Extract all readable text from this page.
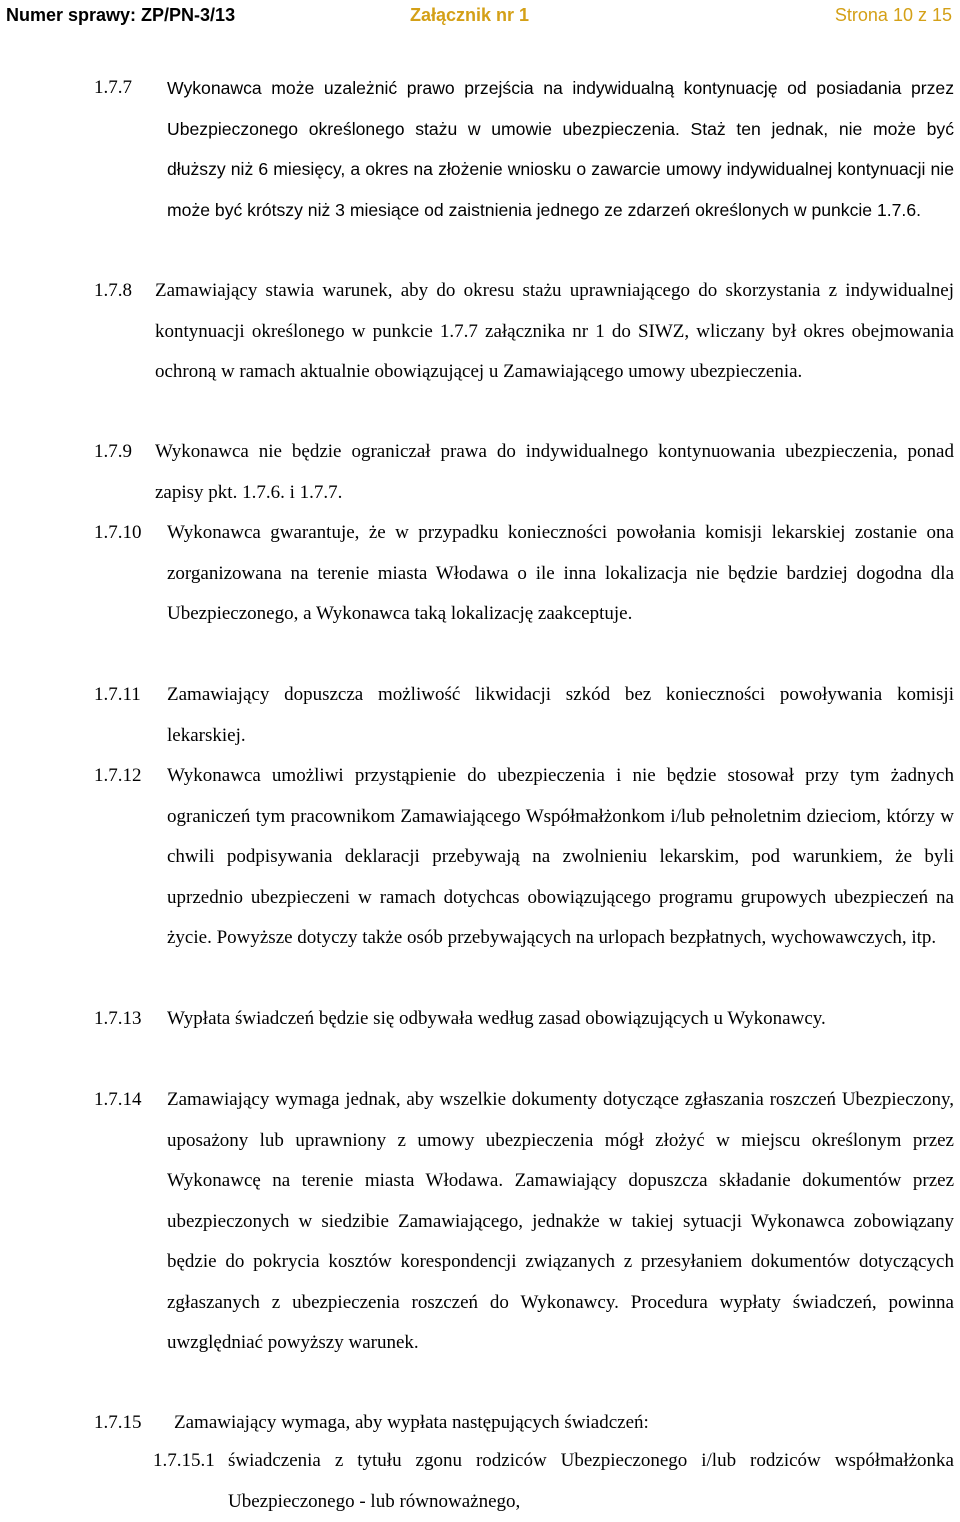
Numer sprawy: ZP/PN-3/13	Załącznik nr 1	Strona 10 z 15
1.7.7 Wykonawca może uzależnić prawo przejścia na indywidualną kontynuację od posiadania przez Ubezpieczonego określonego stażu w umowie ubezpieczenia. Staż ten jednak, nie może być dłuższy niż 6 miesięcy, a okres na złożenie wniosku o zawarcie umowy indywidualnej kontynuacji nie może być krótszy niż 3 miesiące od zaistnienia jednego ze zdarzeń określonych w punkcie 1.7.6.
1.7.8 Zamawiający stawia warunek, aby do okresu stażu uprawniającego do skorzystania z indywidualnej kontynuacji określonego w punkcie 1.7.7 załącznika nr 1 do SIWZ, wliczany był okres obejmowania ochroną w ramach aktualnie obowiązującej u Zamawiającego umowy ubezpieczenia.
1.7.9 Wykonawca nie będzie ograniczał prawa do indywidualnego kontynuowania ubezpieczenia, ponad zapisy pkt. 1.7.6. i 1.7.7.
1.7.10 Wykonawca gwarantuje, że w przypadku konieczności powołania komisji lekarskiej zostanie ona zorganizowana na terenie miasta Włodawa o ile inna lokalizacja nie będzie bardziej dogodna dla Ubezpieczonego, a Wykonawca taką lokalizację zaakceptuje.
1.7.11 Zamawiający dopuszcza możliwość likwidacji szkód bez konieczności powoływania komisji lekarskiej.
1.7.12 Wykonawca umożliwi przystąpienie do ubezpieczenia i nie będzie stosował przy tym żadnych ograniczeń tym pracownikom Zamawiającego Współmałżonkom i/lub pełnoletnim dzieciom, którzy w chwili podpisywania deklaracji przebywają na zwolnieniu lekarskim, pod warunkiem, że byli uprzednio ubezpieczeni w ramach dotychcas obowiązującego programu grupowych ubezpieczeń na życie. Powyższe dotyczy także osób przebywających na urlopach bezpłatnych, wychowawczych, itp.
1.7.13 Wypłata świadczeń będzie się odbywała według zasad obowiązujących u Wykonawcy.
1.7.14 Zamawiający wymaga jednak, aby wszelkie dokumenty dotyczące zgłaszania roszczeń Ubezpieczony, uposażony lub uprawniony z umowy ubezpieczenia mógł złożyć w miejscu określonym przez Wykonawcę na terenie miasta Włodawa. Zamawiający dopuszcza składanie dokumentów przez ubezpieczonych w siedzibie Zamawiającego, jednakże w takiej sytuacji Wykonawca zobowiązany będzie do pokrycia kosztów korespondencji związanych z przesyłaniem dokumentów dotyczących zgłaszanych z ubezpieczenia roszczeń do Wykonawcy. Procedura wypłaty świadczeń, powinna uwzględniać powyższy warunek.
1.7.15 Zamawiający wymaga, aby wypłata następujących świadczeń:
1.7.15.1 świadczenia z tytułu zgonu rodziców Ubezpieczonego i/lub rodziców współmałżonka Ubezpieczonego - lub równoważnego,
